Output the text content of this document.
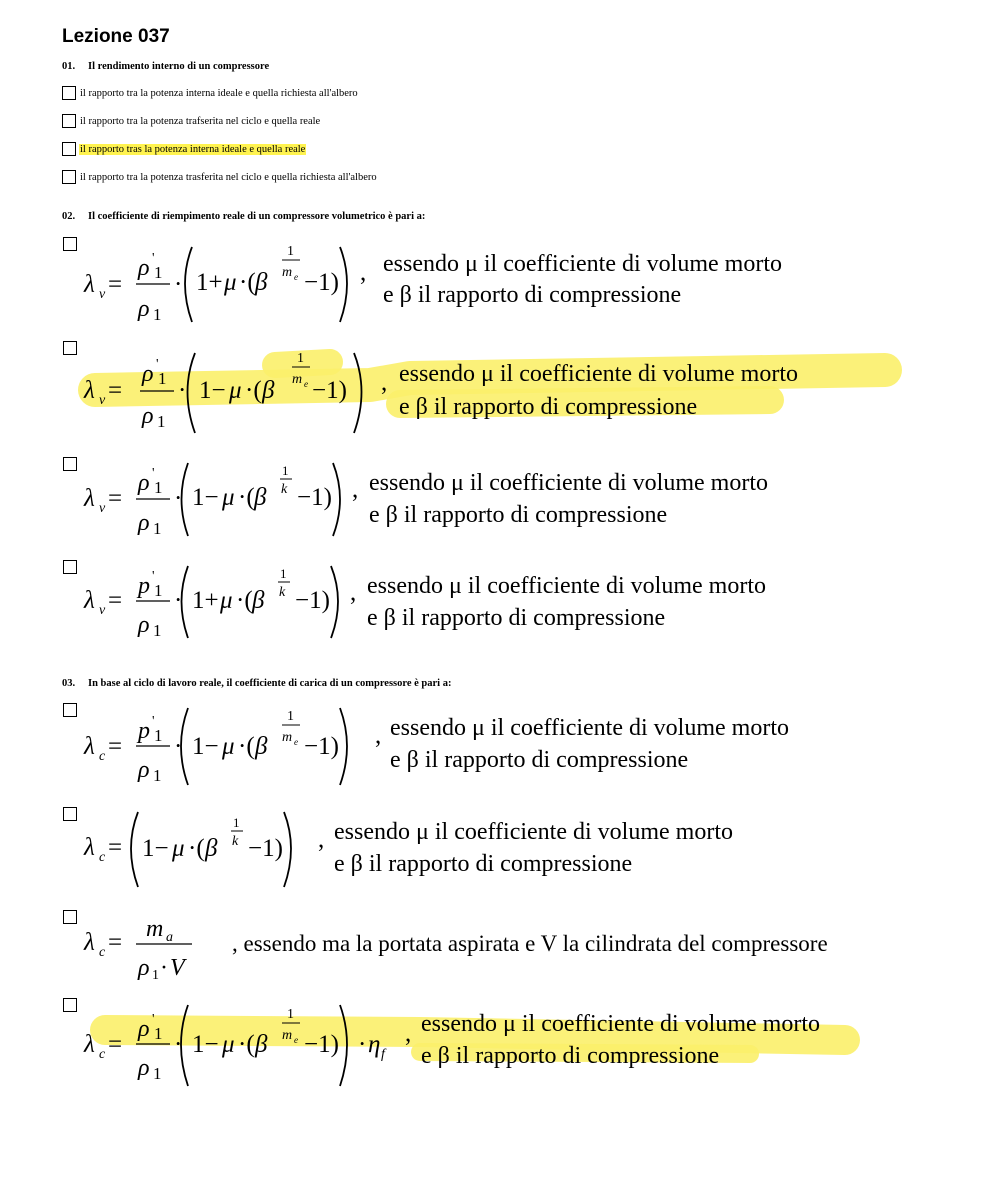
Lezione 037
01. Il rendimento interno di un compressore
il rapporto tra la potenza interna ideale e quella richiesta all'albero
il rapporto tra la potenza trafserita nel ciclo e quella reale
il rapporto tras la potenza interna ideale e quella reale
il rapporto tra la potenza trasferita nel ciclo e quella richiesta all'albero
02. Il coefficiente di riempimento reale di un compressore volumetrico è pari a:
03. In base al ciclo di lavoro reale, il coefficiente di carica di un compressore è pari a:
λ v =
ρ '
1
ρ 1
· 1+ μ ·( β
1
m e −1) , essendo μ il coefficiente di volume morto
e β il rapporto di compressione
λ v =
ρ '
1
ρ 1
· 1− μ ·( β
1
m e −1) , essendo μ il coefficiente di volume morto
e β il rapporto di compressione
λ v =
ρ '
1
ρ 1
· 1− μ ·( β
1
k −1) , essendo μ il coefficiente di volume morto
e β il rapporto di compressione
λ v =
p '
1
ρ 1
· 1+ μ ·( β
1
k −1) , essendo μ il coefficiente di volume morto
e β il rapporto di compressione
λ c =
p '
1
ρ 1
· 1− μ ·( β
1
m e −1) , essendo μ il coefficiente di volume morto
e β il rapporto di compressione
λ c = 1− μ ·( β
1
k −1) , essendo μ il coefficiente di volume morto
e β il rapporto di compressione
λ c = m a
ρ 1 · V
, essendo ma la portata aspirata e V la cilindrata del compressore
λ c =
ρ '
1
ρ 1
· 1− μ ·( β
1
m e −1) · η f
, essendo μ il coefficiente di volume morto
e β il rapporto di compressione
